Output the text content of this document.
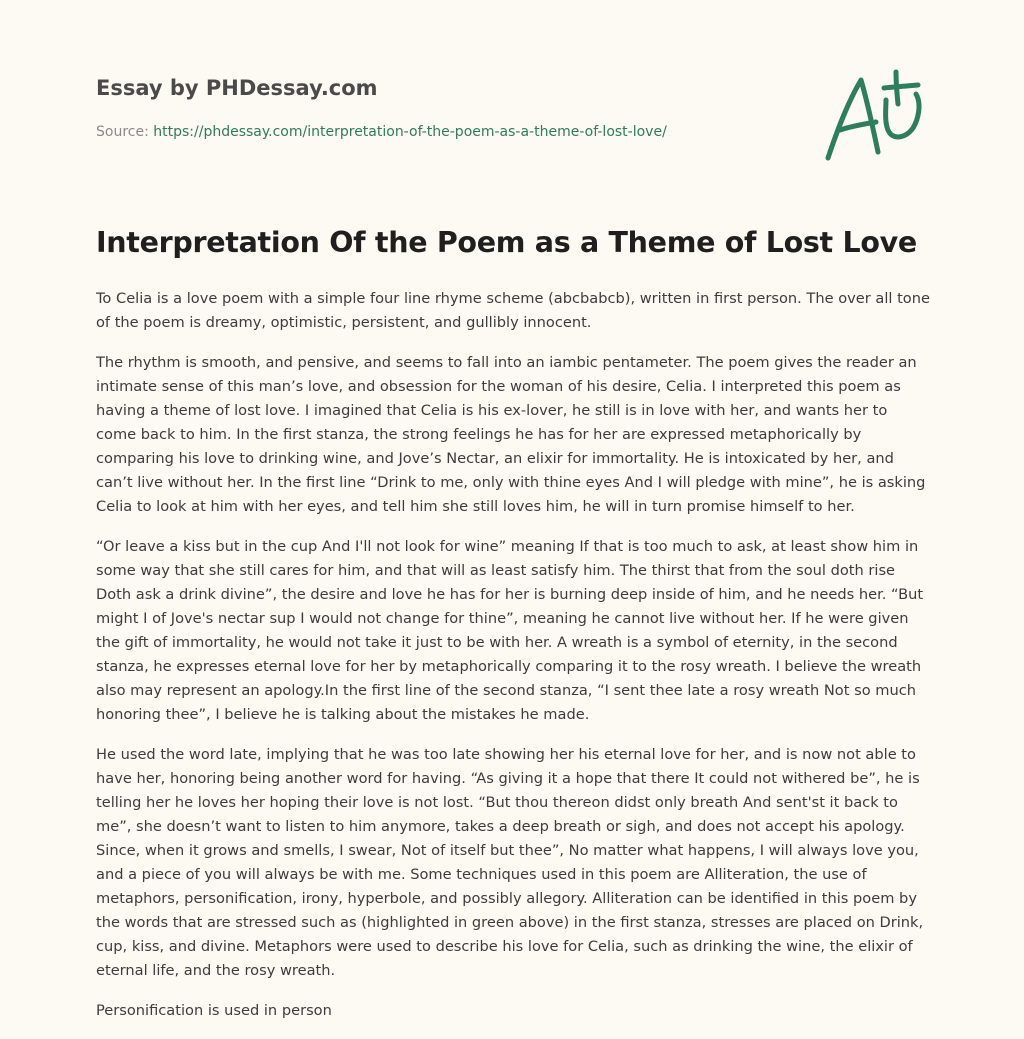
Essay by PHDessay.com

Source: https://phdessay.com/interpretation-of-the-poem-as-a-theme-of-lost-love/

Interpretation Of the Poem as a Theme of Lost Love

To Celia is a love poem with a simple four line rhyme scheme (abcbabcb), written in first person. The over all tone of the poem is dreamy, optimistic, persistent, and gullibly innocent.

The rhythm is smooth, and pensive, and seems to fall into an iambic pentameter. The poem gives the reader an intimate sense of this man’s love, and obsession for the woman of his desire, Celia. I interpreted this poem as having a theme of lost love. I imagined that Celia is his ex-lover, he still is in love with her, and wants her to come back to him. In the first stanza, the strong feelings he has for her are expressed metaphorically by comparing his love to drinking wine, and Jove’s Nectar, an elixir for immortality. He is intoxicated by her, and can’t live without her. In the first line “Drink to me, only with thine eyes And I will pledge with mine”, he is asking Celia to look at him with her eyes, and tell him she still loves him, he will in turn promise himself to her.

“Or leave a kiss but in the cup And I'll not look for wine” meaning If that is too much to ask, at least show him in some way that she still cares for him, and that will as least satisfy him. The thirst that from the soul doth rise Doth ask a drink divine”, the desire and love he has for her is burning deep inside of him, and he needs her. “But might I of Jove's nectar sup I would not change for thine”, meaning he cannot live without her. If he were given the gift of immortality, he would not take it just to be with her. A wreath is a symbol of eternity, in the second stanza, he expresses eternal love for her by metaphorically comparing it to the rosy wreath. I believe the wreath also may represent an apology.In the first line of the second stanza, “I sent thee late a rosy wreath Not so much honoring thee”, I believe he is talking about the mistakes he made.

He used the word late, implying that he was too late showing her his eternal love for her, and is now not able to have her, honoring being another word for having. “As giving it a hope that there It could not withered be”, he is telling her he loves her hoping their love is not lost. “But thou thereon didst only breath And sent'st it back to me”, she doesn’t want to listen to him anymore, takes a deep breath or sigh, and does not accept his apology. Since, when it grows and smells, I swear, Not of itself but thee”, No matter what happens, I will always love you, and a piece of you will always be with me. Some techniques used in this poem are Alliteration, the use of metaphors, personification, irony, hyperbole, and possibly allegory. Alliteration can be identified in this poem by the words that are stressed such as (highlighted in green above) in the first stanza, stresses are placed on Drink, cup, kiss, and divine. Metaphors were used to describe his love for Celia, such as drinking the wine, the elixir of eternal life, and the rosy wreath.

Personification is used in person
